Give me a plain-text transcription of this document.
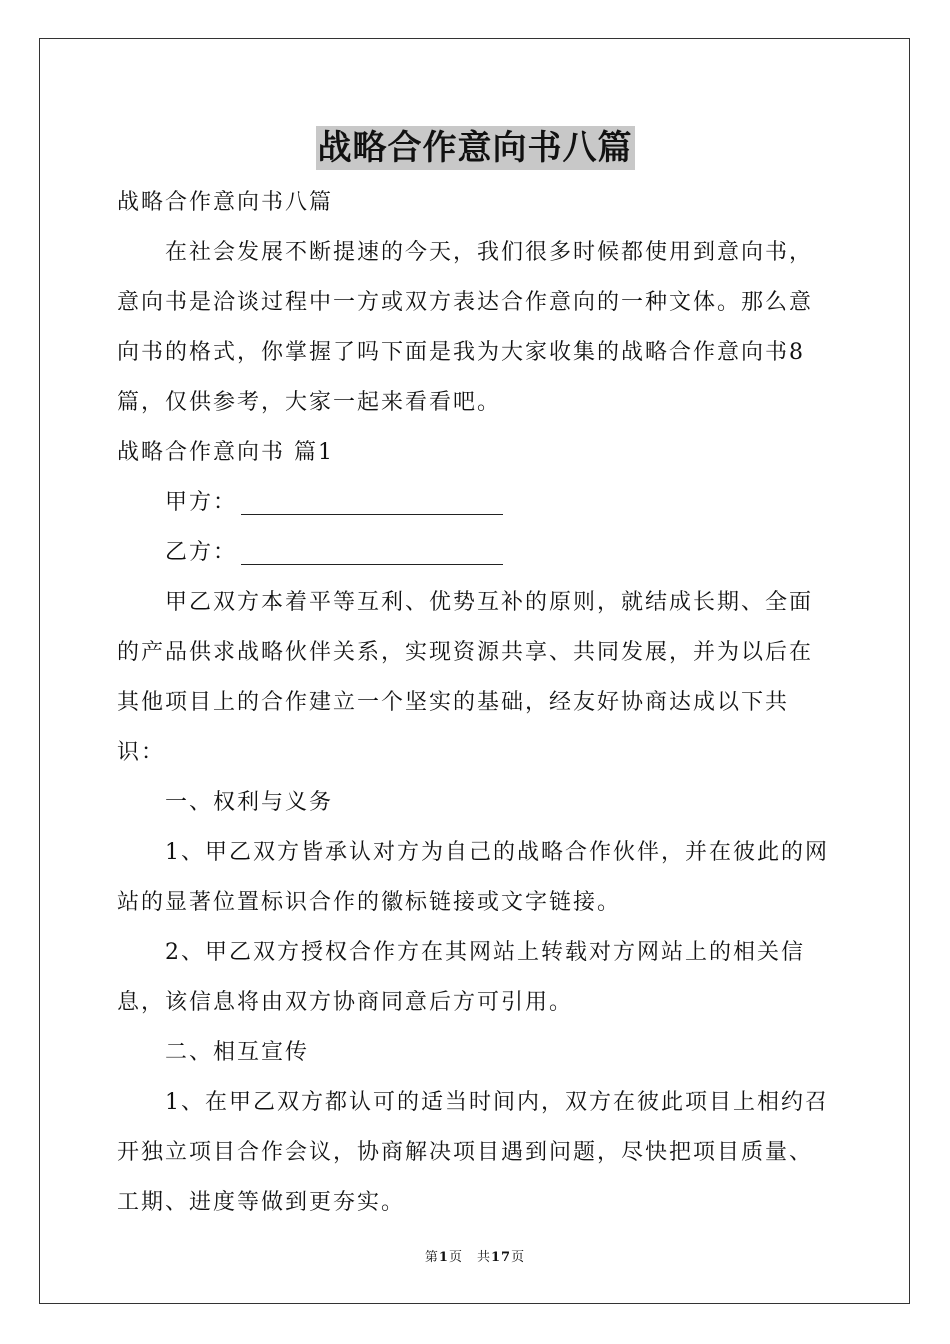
战略合作意向书八篇

战略合作意向书八篇

在社会发展不断提速的今天，我们很多时候都使用到意向书，意向书是洽谈过程中一方或双方表达合作意向的一种文体。那么意向书的格式，你掌握了吗下面是我为大家收集的战略合作意向书8篇，仅供参考，大家一起来看看吧。

战略合作意向书 篇1

甲方：

乙方：

甲乙双方本着平等互利、优势互补的原则，就结成长期、全面的产品供求战略伙伴关系，实现资源共享、共同发展，并为以后在其他项目上的合作建立一个坚实的基础，经友好协商达成以下共识：

一、权利与义务

1、甲乙双方皆承认对方为自己的战略合作伙伴，并在彼此的网站的显著位置标识合作的徽标链接或文字链接。

2、甲乙双方授权合作方在其网站上转载对方网站上的相关信息，该信息将由双方协商同意后方可引用。

二、相互宣传

1、在甲乙双方都认可的适当时间内，双方在彼此项目上相约召开独立项目合作会议，协商解决项目遇到问题，尽快把项目质量、工期、进度等做到更夯实。

第1页　共17页
